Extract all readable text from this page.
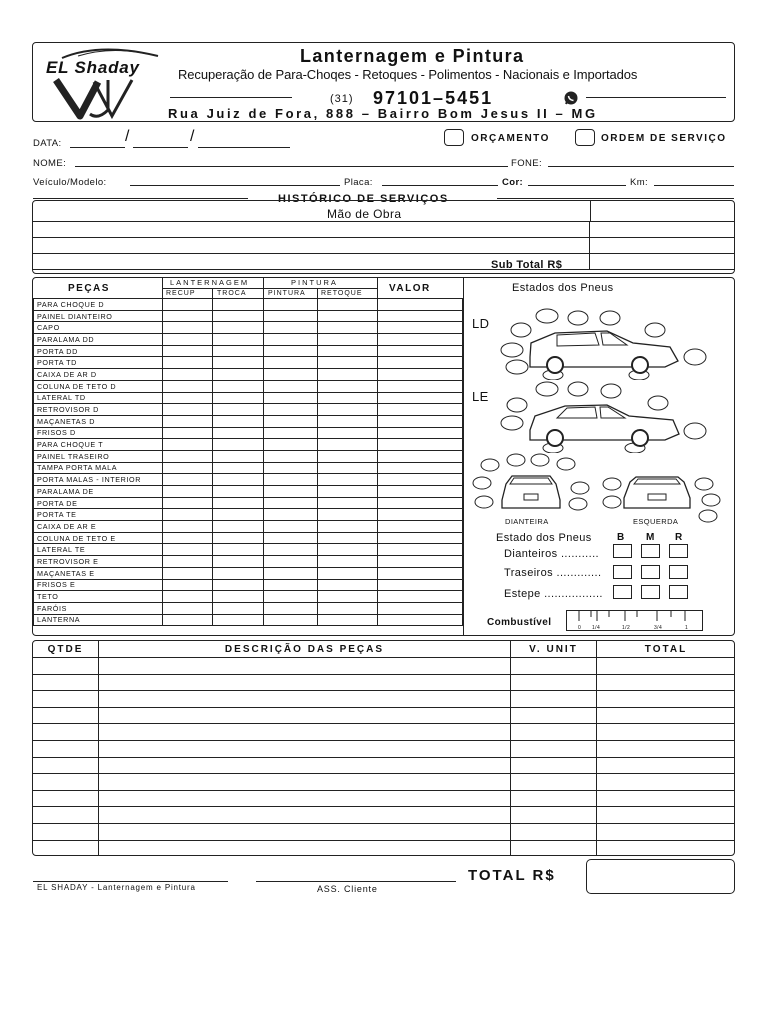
EL Shaday
Lanternagem e Pintura
Recuperação de Para-Choqes - Retoques - Polimentos - Nacionais e Importados
(31) 97101–5451
Rua Juiz de Fora, 888 – Bairro Bom Jesus II – MG
DATA:	/	/	ORÇAMENTO	ORDEM DE SERVIÇO
NOME:	FONE:
Veículo/Modelo:	Placa:	Cor:	Km:
HISTÓRICO DE SERVIÇOS
Mão de Obra

Sub Total R$
PEÇAS
LANTERNAGEM	PINTURA
VALOR
RECUP	TROCA	PINTURA RETOQUE
PARA CHOQUE D					
PAINEL DIANTEIRO					
CAPO					
PARALAMA DD					
PORTA DD					
PORTA TD					
CAIXA DE AR D					
COLUNA DE TETO D					
LATERAL TD					
RETROVISOR D					
MAÇANETAS D					
FRISOS D					
PARA CHOQUE T					
PAINEL TRASEIRO					
TAMPA PORTA MALA					
PORTA MALAS - INTERIOR					
PARALAMA DE					
PORTA DE					
PORTA TE					
CAIXA DE AR E					
COLUNA DE TETO E					
LATERAL TE					
RETROVISOR E					
MAÇANETAS E					
FRISOS E					
TETO					
FARÓIS					
LANTERNA					
Estados dos Pneus
LD
LE
DIANTEIRA	ESQUERDA
Estado dos Pneus	B M R
Dianteiros ...........
Traseiros .............
Estepe .................
Combustível	0 1/4	1/2	3/4	1
QTDE	DESCRIÇÃO DAS PEÇAS	V. UNIT	TOTAL

EL SHADAY - Lanternagem e Pintura	ASS. Cliente
TOTAL R$
